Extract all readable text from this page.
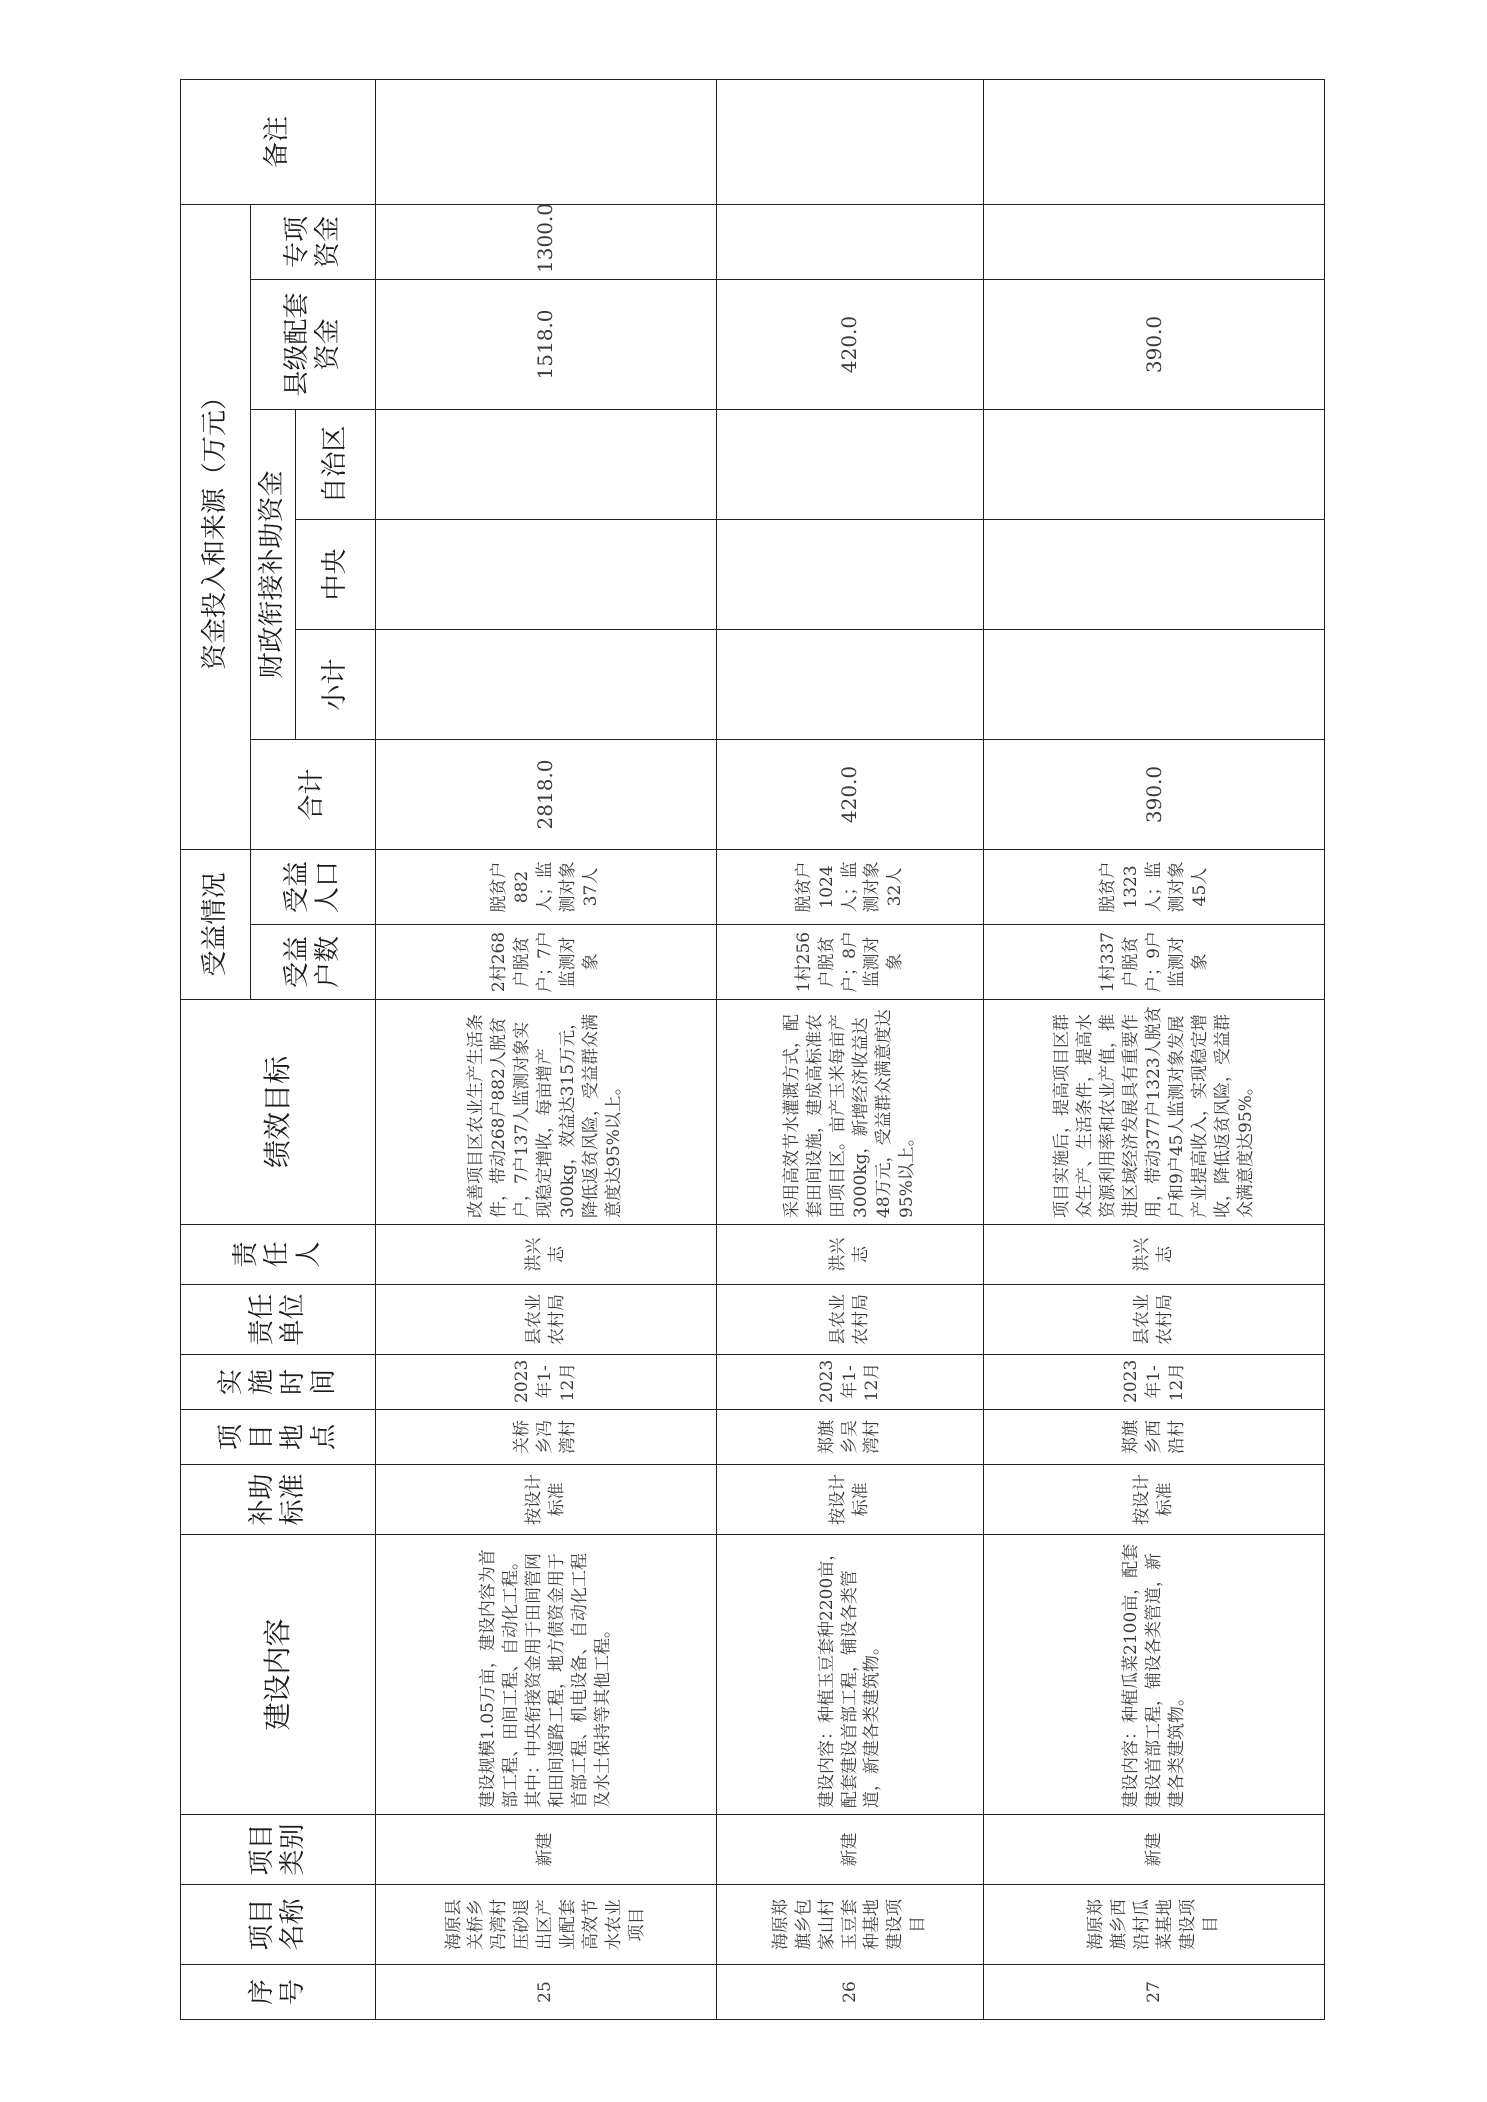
序号	项目名称	项目类别	建设内容	补助标准	项目地点	实施时间	责任单位	责任人	绩效目标	受益情况		资金投入和来源（万元）						备注
										受益户数	受益人口	合计	财政衔接补助资金			县级配套资金	专项资金	
													小计	中央	自治区			
25	海原县关桥乡冯湾村压砂退出区产业配套高效节水农业项目	新建	建设规模1.05万亩，建设内容为首部工程、田间工程、自动化工程。其中：中央衔接资金用于田间管网和田间道路工程，地方债资金用于首部工程、机电设备、自动化工程及水土保持等其他工程。	按设计标准	关桥乡冯湾村	2023年1-12月	县农业农村局	洪兴志	改善项目区农业生产生活条件，带动268户882人脱贫户，7户137人监测对象实现稳定增收，每亩增产300kg，效益达315万元，降低返贫风险，受益群众满意度达95%以上。	2村268户脱贫户；7户监测对象	脱贫户882人；监测对象37人	2818.0				1518.0	1300.0	
26	海原郑旗乡包家山村玉豆套种基地建设项目	新建	建设内容：种植玉豆套种2200亩，配套建设首部工程，铺设各类管道，新建各类建筑物。	按设计标准	郑旗乡吴湾村	2023年1-12月	县农业农村局	洪兴志	采用高效节水灌溉方式，配套田间设施，建成高标准农田项目区。亩产玉米每亩产3000kg，新增经济收益达48万元，受益群众满意度达95%以上。	1村256户脱贫户；8户监测对象	脱贫户1024人；监测对象32人	420.0				420.0		
27	海原郑旗乡西沿村瓜菜基地建设项目	新建	建设内容：种植瓜菜2100亩，配套建设首部工程，铺设各类管道，新建各类建筑物。	按设计标准	郑旗乡西沿村	2023年1-12月	县农业农村局	洪兴志	项目实施后，提高项目区群众生产、生活条件，提高水资源利用率和农业产值，推进区域经济发展具有重要作用，带动377户1323人脱贫户和9户45人监测对象发展产业提高收入，实现稳定增收，降低返贫风险，受益群众满意度达95%。	1村337户脱贫户；9户监测对象	脱贫户1323人；监测对象45人	390.0				390.0		
